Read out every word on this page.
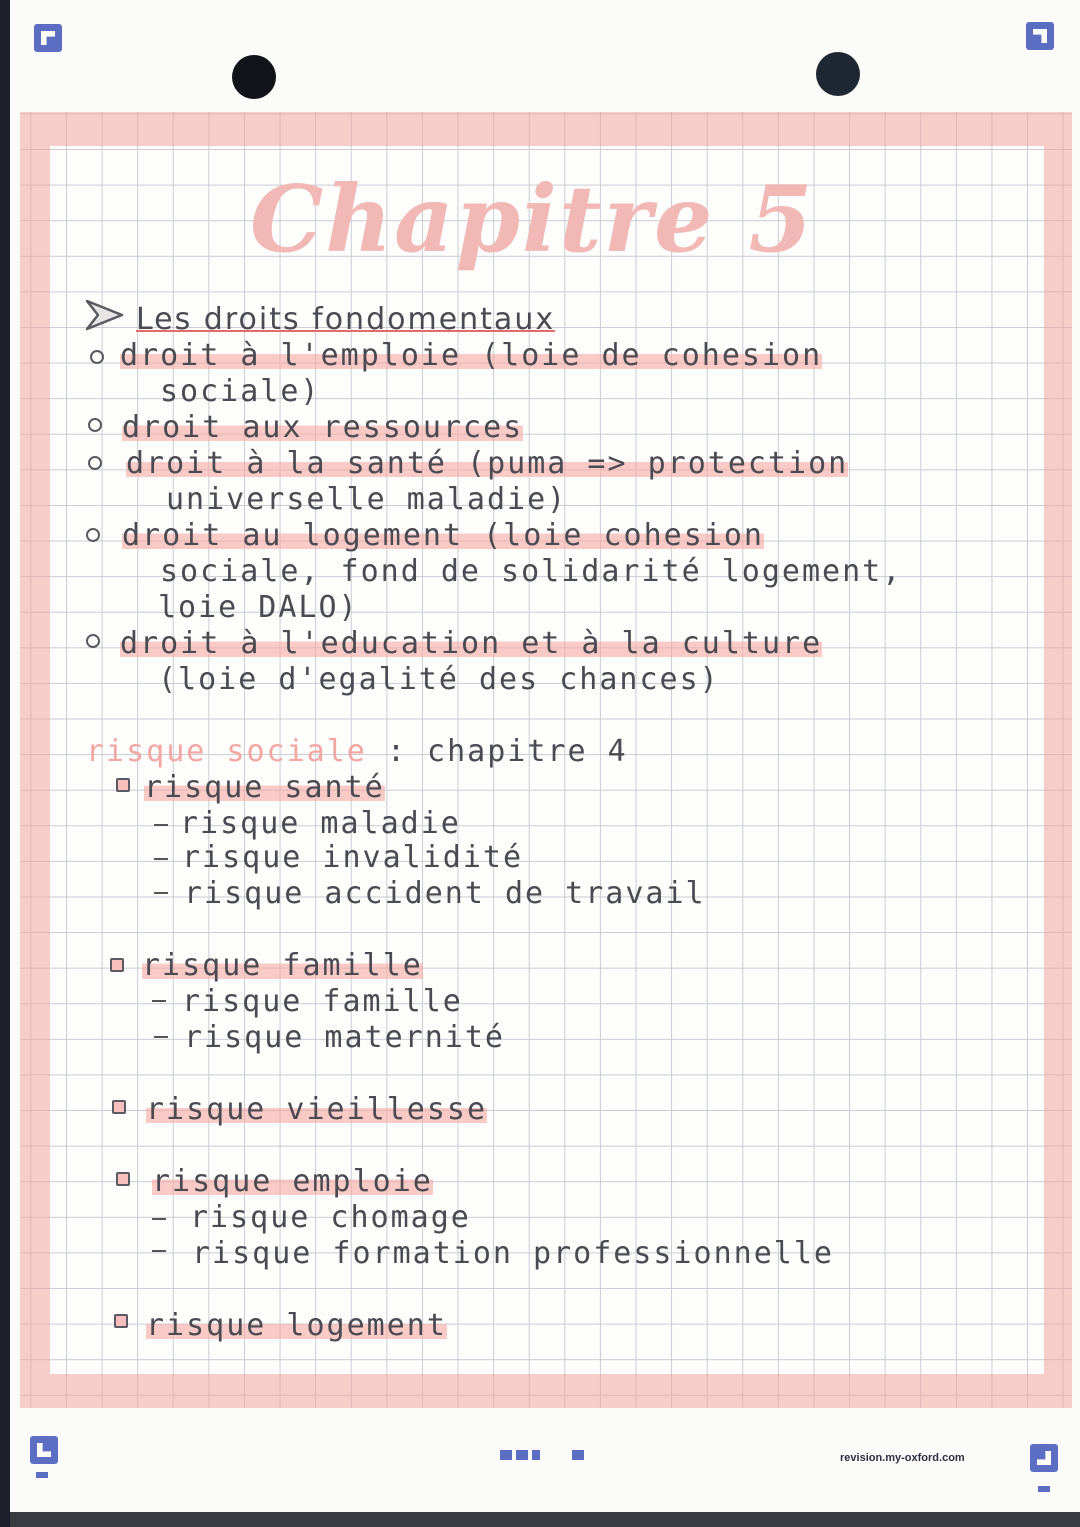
Chapitre 5

Les droits fondomentaux

droit à l'emploie (loie de cohesion

sociale)

droit aux ressources

droit à la santé (puma => protection

universelle maladie)

droit au logement (loie cohesion

sociale, fond de solidarité logement,

loie DALO)

droit à l'education et à la culture

(loie d'egalité des chances)

risque sociale : chapitre 4

risque santé

risque maladie

risque invalidité

risque accident de travail

risque famille

risque famille

risque maternité

risque vieillesse

risque emploie

risque chomage

risque formation professionnelle

risque logement

revision.my-oxford.com
